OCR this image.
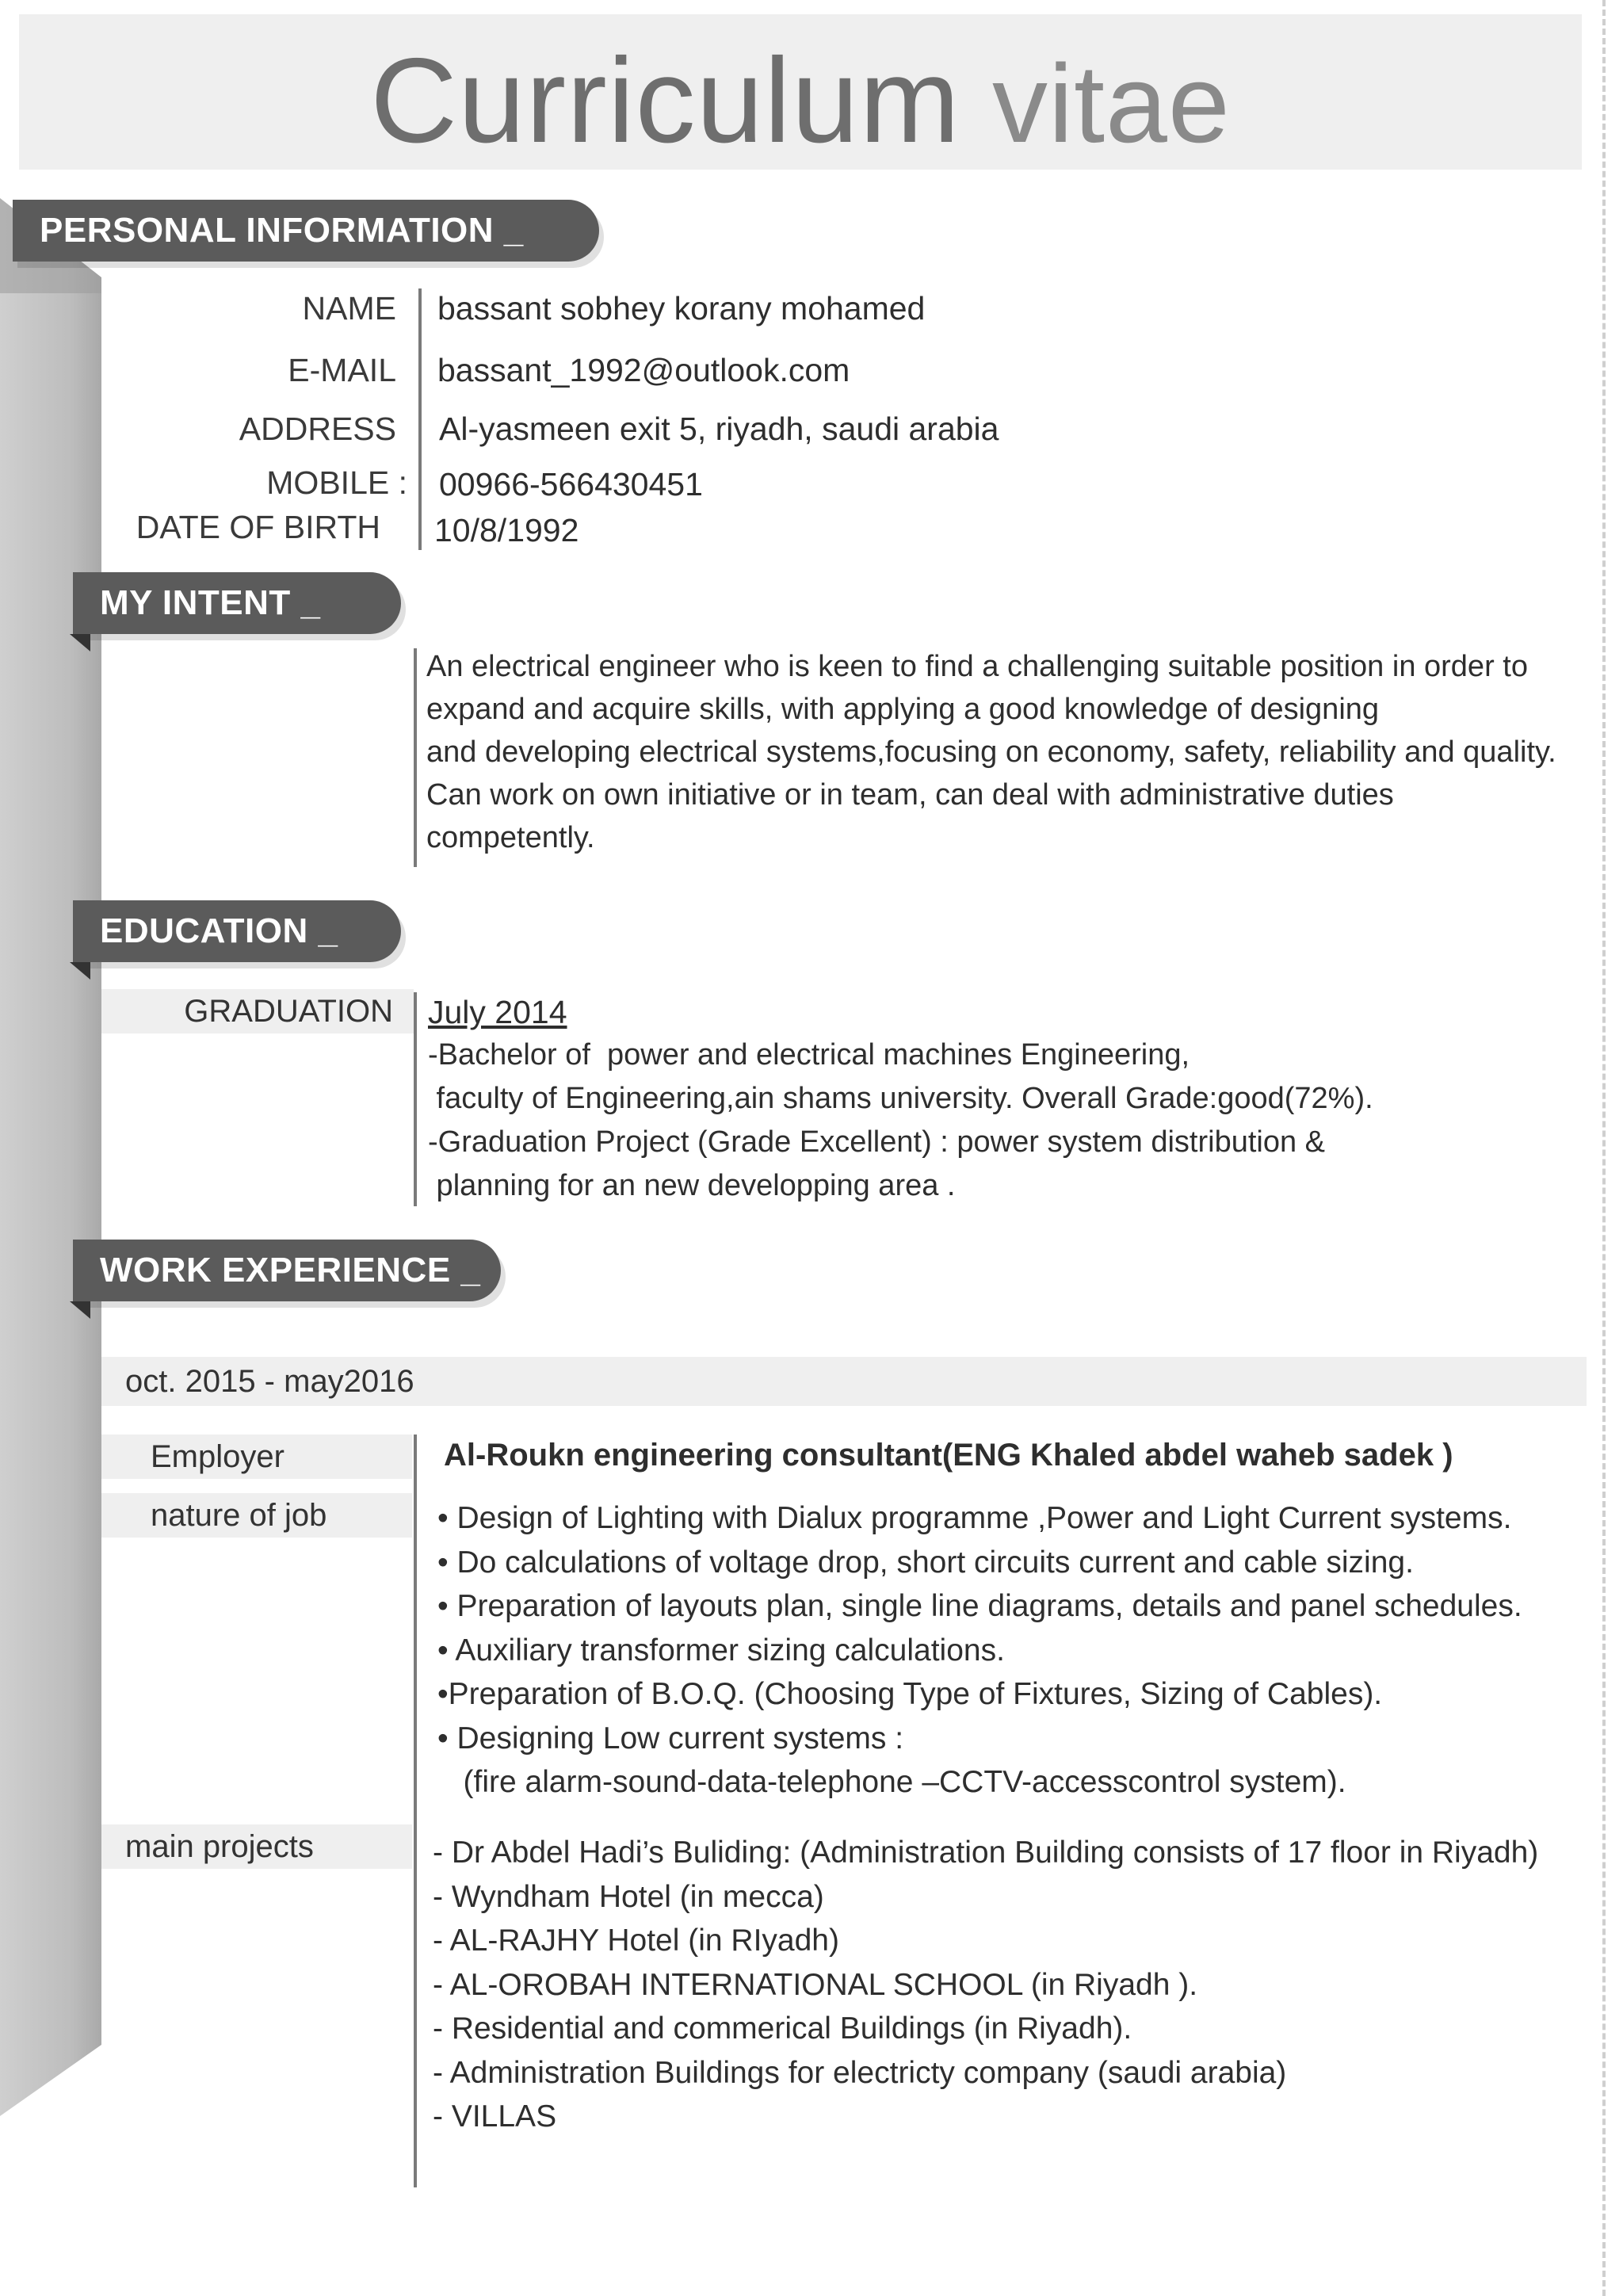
Curriculum vitae
PERSONAL INFORMATION _
NAME bassant sobhey korany mohamed
E-MAIL bassant_1992@outlook.com
ADDRESS Al-yasmeen exit 5, riyadh, saudi arabia
MOBILE : 00966-566430451
DATE OF BIRTH 10/8/1992
MY INTENT _
An electrical engineer who is keen to find a challenging suitable position in order to
expand and acquire skills, with applying a good knowledge of designing
and developing electrical systems,focusing on economy, safety, reliability and quality.
Can work on own initiative or in team, can deal with administrative duties
competently.
EDUCATION _
GRADUATION	July 2014
-Bachelor of  power and electrical machines Engineering,
faculty of Engineering,ain shams university. Overall Grade:good(72%).
-Graduation Project (Grade Excellent) : power system distribution &
planning for an new developping area .
WORK EXPERIENCE _
oct. 2015 - may2016
Employer
nature of job
main projects
Al-Roukn engineering consultant(ENG Khaled abdel waheb sadek )
• Design of Lighting with Dialux programme ,Power and Light Current systems.
• Do calculations of voltage drop, short circuits current and cable sizing.
• Preparation of layouts plan, single line diagrams, details and panel schedules.
• Auxiliary transformer sizing calculations.
•Preparation of B.O.Q. (Choosing Type of Fixtures, Sizing of Cables).
• Designing Low current systems :
(fire alarm-sound-data-telephone –CCTV-accesscontrol system).
- Dr Abdel Hadi’s Buliding: (Administration Building consists of 17 floor in Riyadh)
- Wyndham Hotel (in mecca)
- AL-RAJHY Hotel (in RIyadh)
- AL-OROBAH INTERNATIONAL SCHOOL (in Riyadh ).
- Residential and commerical Buildings (in Riyadh).
- Administration Buildings for electricty company (saudi arabia)
- VILLAS
